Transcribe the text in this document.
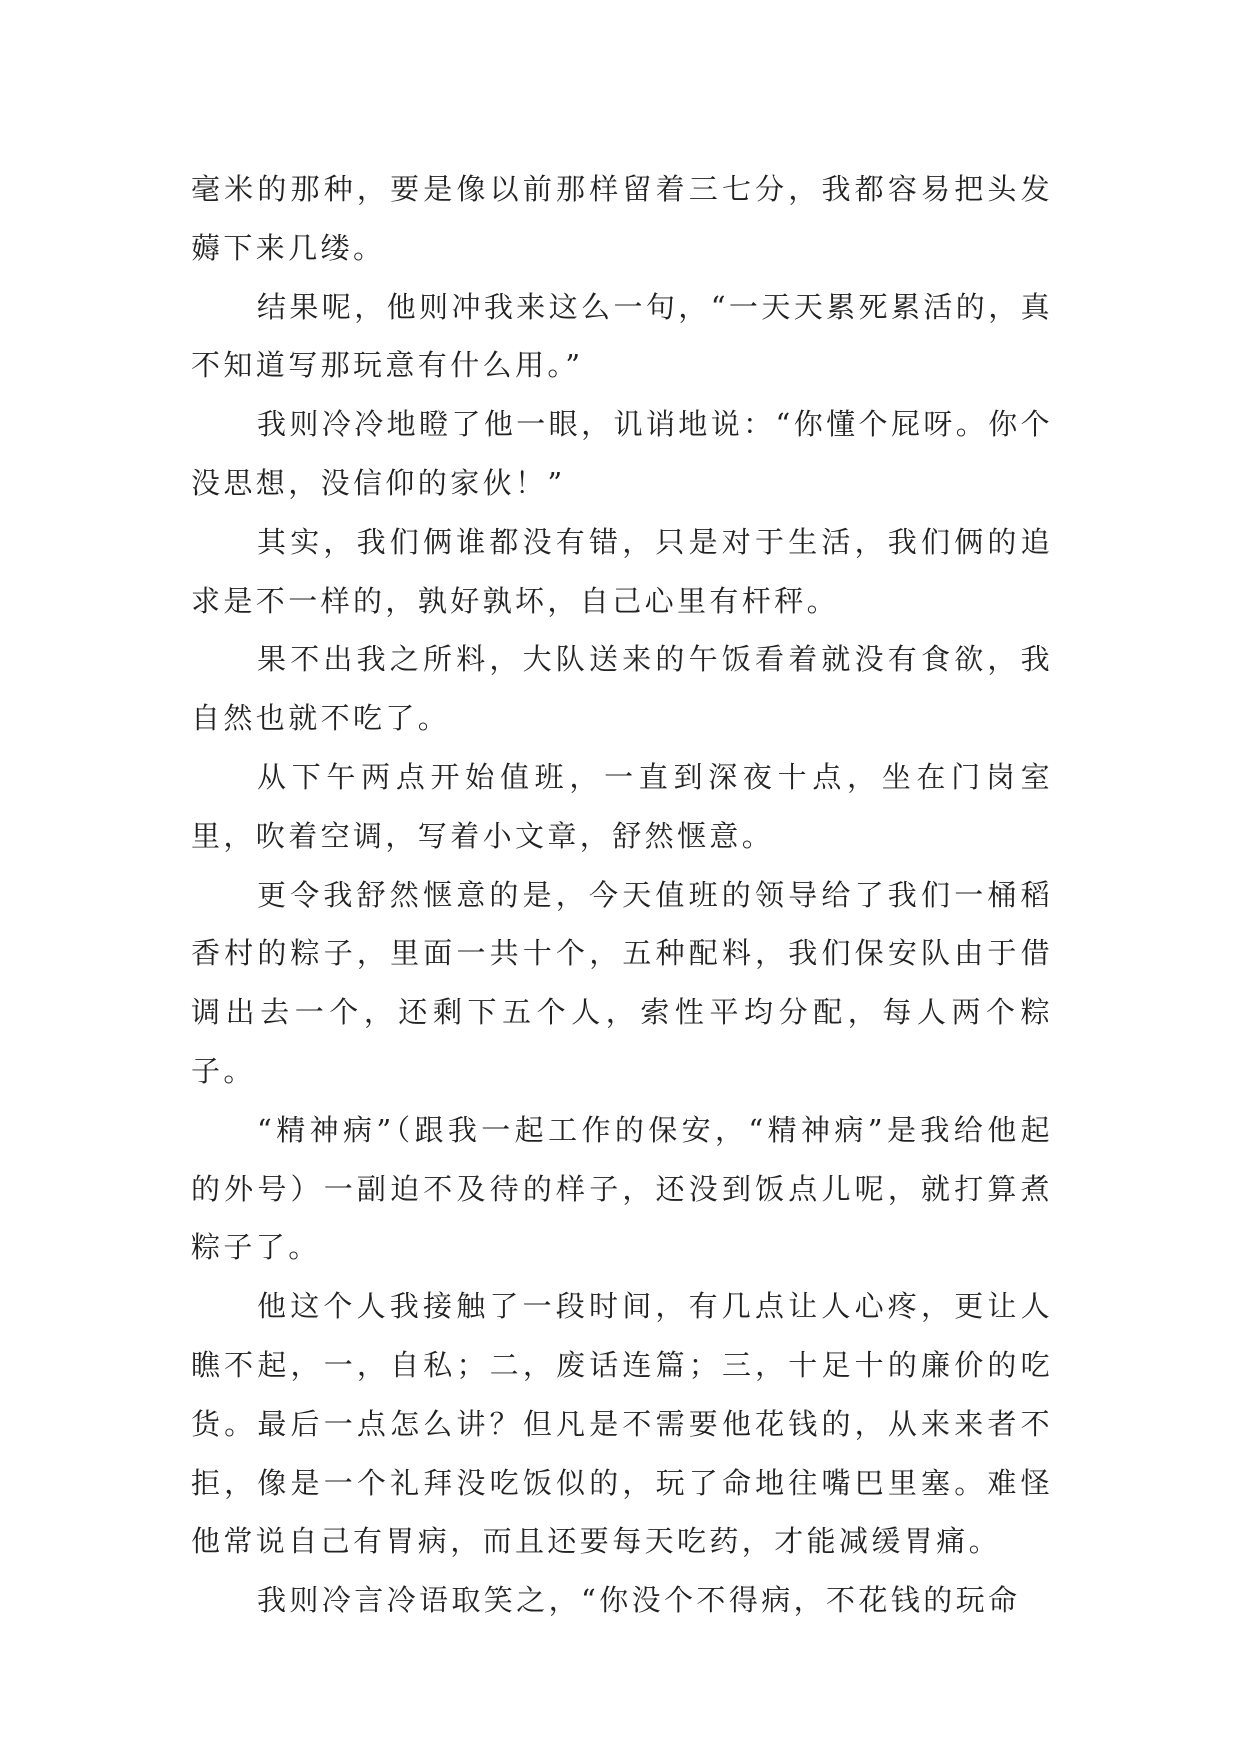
毫米的那种，要是像以前那样留着三七分，我都容易把头发薅下来几缕。

结果呢，他则冲我来这么一句，“一天天累死累活的，真不知道写那玩意有什么用。”

我则冷冷地瞪了他一眼，讥诮地说：“你懂个屁呀。你个没思想，没信仰的家伙！”

其实，我们俩谁都没有错，只是对于生活，我们俩的追求是不一样的，孰好孰坏，自己心里有杆秤。

果不出我之所料，大队送来的午饭看着就没有食欲，我自然也就不吃了。

从下午两点开始值班，一直到深夜十点，坐在门岗室里，吹着空调，写着小文章，舒然惬意。

更令我舒然惬意的是，今天值班的领导给了我们一桶稻香村的粽子，里面一共十个，五种配料，我们保安队由于借调出去一个，还剩下五个人，索性平均分配，每人两个粽子。

“精神病”（跟我一起工作的保安，“精神病”是我给他起的外号）一副迫不及待的样子，还没到饭点儿呢，就打算煮粽子了。

他这个人我接触了一段时间，有几点让人心疼，更让人瞧不起，一，自私；二，废话连篇；三，十足十的廉价的吃货。最后一点怎么讲？但凡是不需要他花钱的，从来来者不拒，像是一个礼拜没吃饭似的，玩了命地往嘴巴里塞。难怪他常说自己有胃病，而且还要每天吃药，才能减缓胃痛。

我则冷言冷语取笑之，“你没个不得病，不花钱的玩命
